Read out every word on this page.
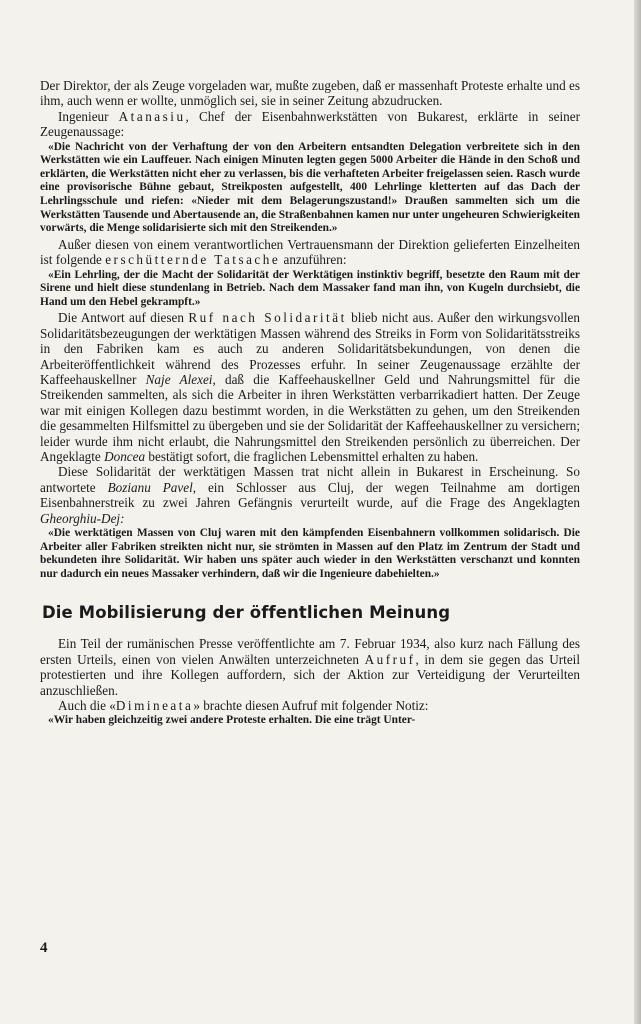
Der Direktor, der als Zeuge vorgeladen war, mußte zugeben, daß er massenhaft Proteste erhalte und es ihm, auch wenn er wollte, unmöglich sei, sie in seiner Zeitung abzudrucken.

Ingenieur Atanasiu, Chef der Eisenbahnwerkstätten von Bukarest, erklärte in seiner Zeugenaussage:

«Die Nachricht von der Verhaftung der von den Arbeitern entsandten Delegation verbreitete sich in den Werkstätten wie ein Lauffeuer. Nach einigen Minuten legten gegen 5000 Arbeiter die Hände in den Schoß und erklärten, die Werkstätten nicht eher zu verlassen, bis die verhafteten Arbeiter freigelassen seien. Rasch wurde eine provisorische Bühne gebaut, Streikposten aufgestellt, 400 Lehrlinge kletterten auf das Dach der Lehrlingsschule und riefen: «Nieder mit dem Belagerungszustand!» Draußen sammelten sich um die Werkstätten Tausende und Abertausende an, die Straßenbahnen kamen nur unter ungeheuren Schwierigkeiten vorwärts, die Menge solidarisierte sich mit den Streikenden.»

Außer diesen von einem verantwortlichen Vertrauensmann der Direktion gelieferten Einzelheiten ist folgende erschütternde Tatsache anzuführen:

«Ein Lehrling, der die Macht der Solidarität der Werktätigen instinktiv begriff, besetzte den Raum mit der Sirene und hielt diese stundenlang in Betrieb. Nach dem Massaker fand man ihn, von Kugeln durchsiebt, die Hand um den Hebel gekrampft.»

Die Antwort auf diesen Ruf nach Solidarität blieb nicht aus. Außer den wirkungsvollen Solidaritätsbezeugungen der werktätigen Massen während des Streiks in Form von Solidaritätsstreiks in den Fabriken kam es auch zu anderen Solidaritätsbekundungen, von denen die Arbeiteröffentlichkeit während des Prozesses erfuhr. In seiner Zeugenaussage erzählte der Kaffeehauskellner Naje Alexei, daß die Kaffeehauskellner Geld und Nahrungsmittel für die Streikenden sammelten, als sich die Arbeiter in ihren Werkstätten verbarrikadiert hatten. Der Zeuge war mit einigen Kollegen dazu bestimmt worden, in die Werkstätten zu gehen, um den Streikenden die gesammelten Hilfsmittel zu übergeben und sie der Solidarität der Kaffeehauskellner zu versichern; leider wurde ihm nicht erlaubt, die Nahrungsmittel den Streikenden persönlich zu überreichen. Der Angeklagte Doncea bestätigt sofort, die fraglichen Lebensmittel erhalten zu haben.

Diese Solidarität der werktätigen Massen trat nicht allein in Bukarest in Erscheinung. So antwortete Bozianu Pavel, ein Schlosser aus Cluj, der wegen Teilnahme am dortigen Eisenbahnerstreik zu zwei Jahren Gefängnis verurteilt wurde, auf die Frage des Angeklagten Gheorghiu-Dej:

«Die werktätigen Massen von Cluj waren mit den kämpfenden Eisenbahnern vollkommen solidarisch. Die Arbeiter aller Fabriken streikten nicht nur, sie strömten in Massen auf den Platz im Zentrum der Stadt und bekundeten ihre Solidarität. Wir haben uns später auch wieder in den Werkstätten verschanzt und konnten nur dadurch ein neues Massaker verhindern, daß wir die Ingenieure dabehielten.»

Die Mobilisierung der öffentlichen Meinung

Ein Teil der rumänischen Presse veröffentlichte am 7. Februar 1934, also kurz nach Fällung des ersten Urteils, einen von vielen Anwälten unterzeichneten Aufruf, in dem sie gegen das Urteil protestierten und ihre Kollegen auffordern, sich der Aktion zur Verteidigung der Verurteilten anzuschließen.

Auch die «Dimineata» brachte diesen Aufruf mit folgender Notiz:

«Wir haben gleichzeitig zwei andere Proteste erhalten. Die eine trägt Unter-

4
